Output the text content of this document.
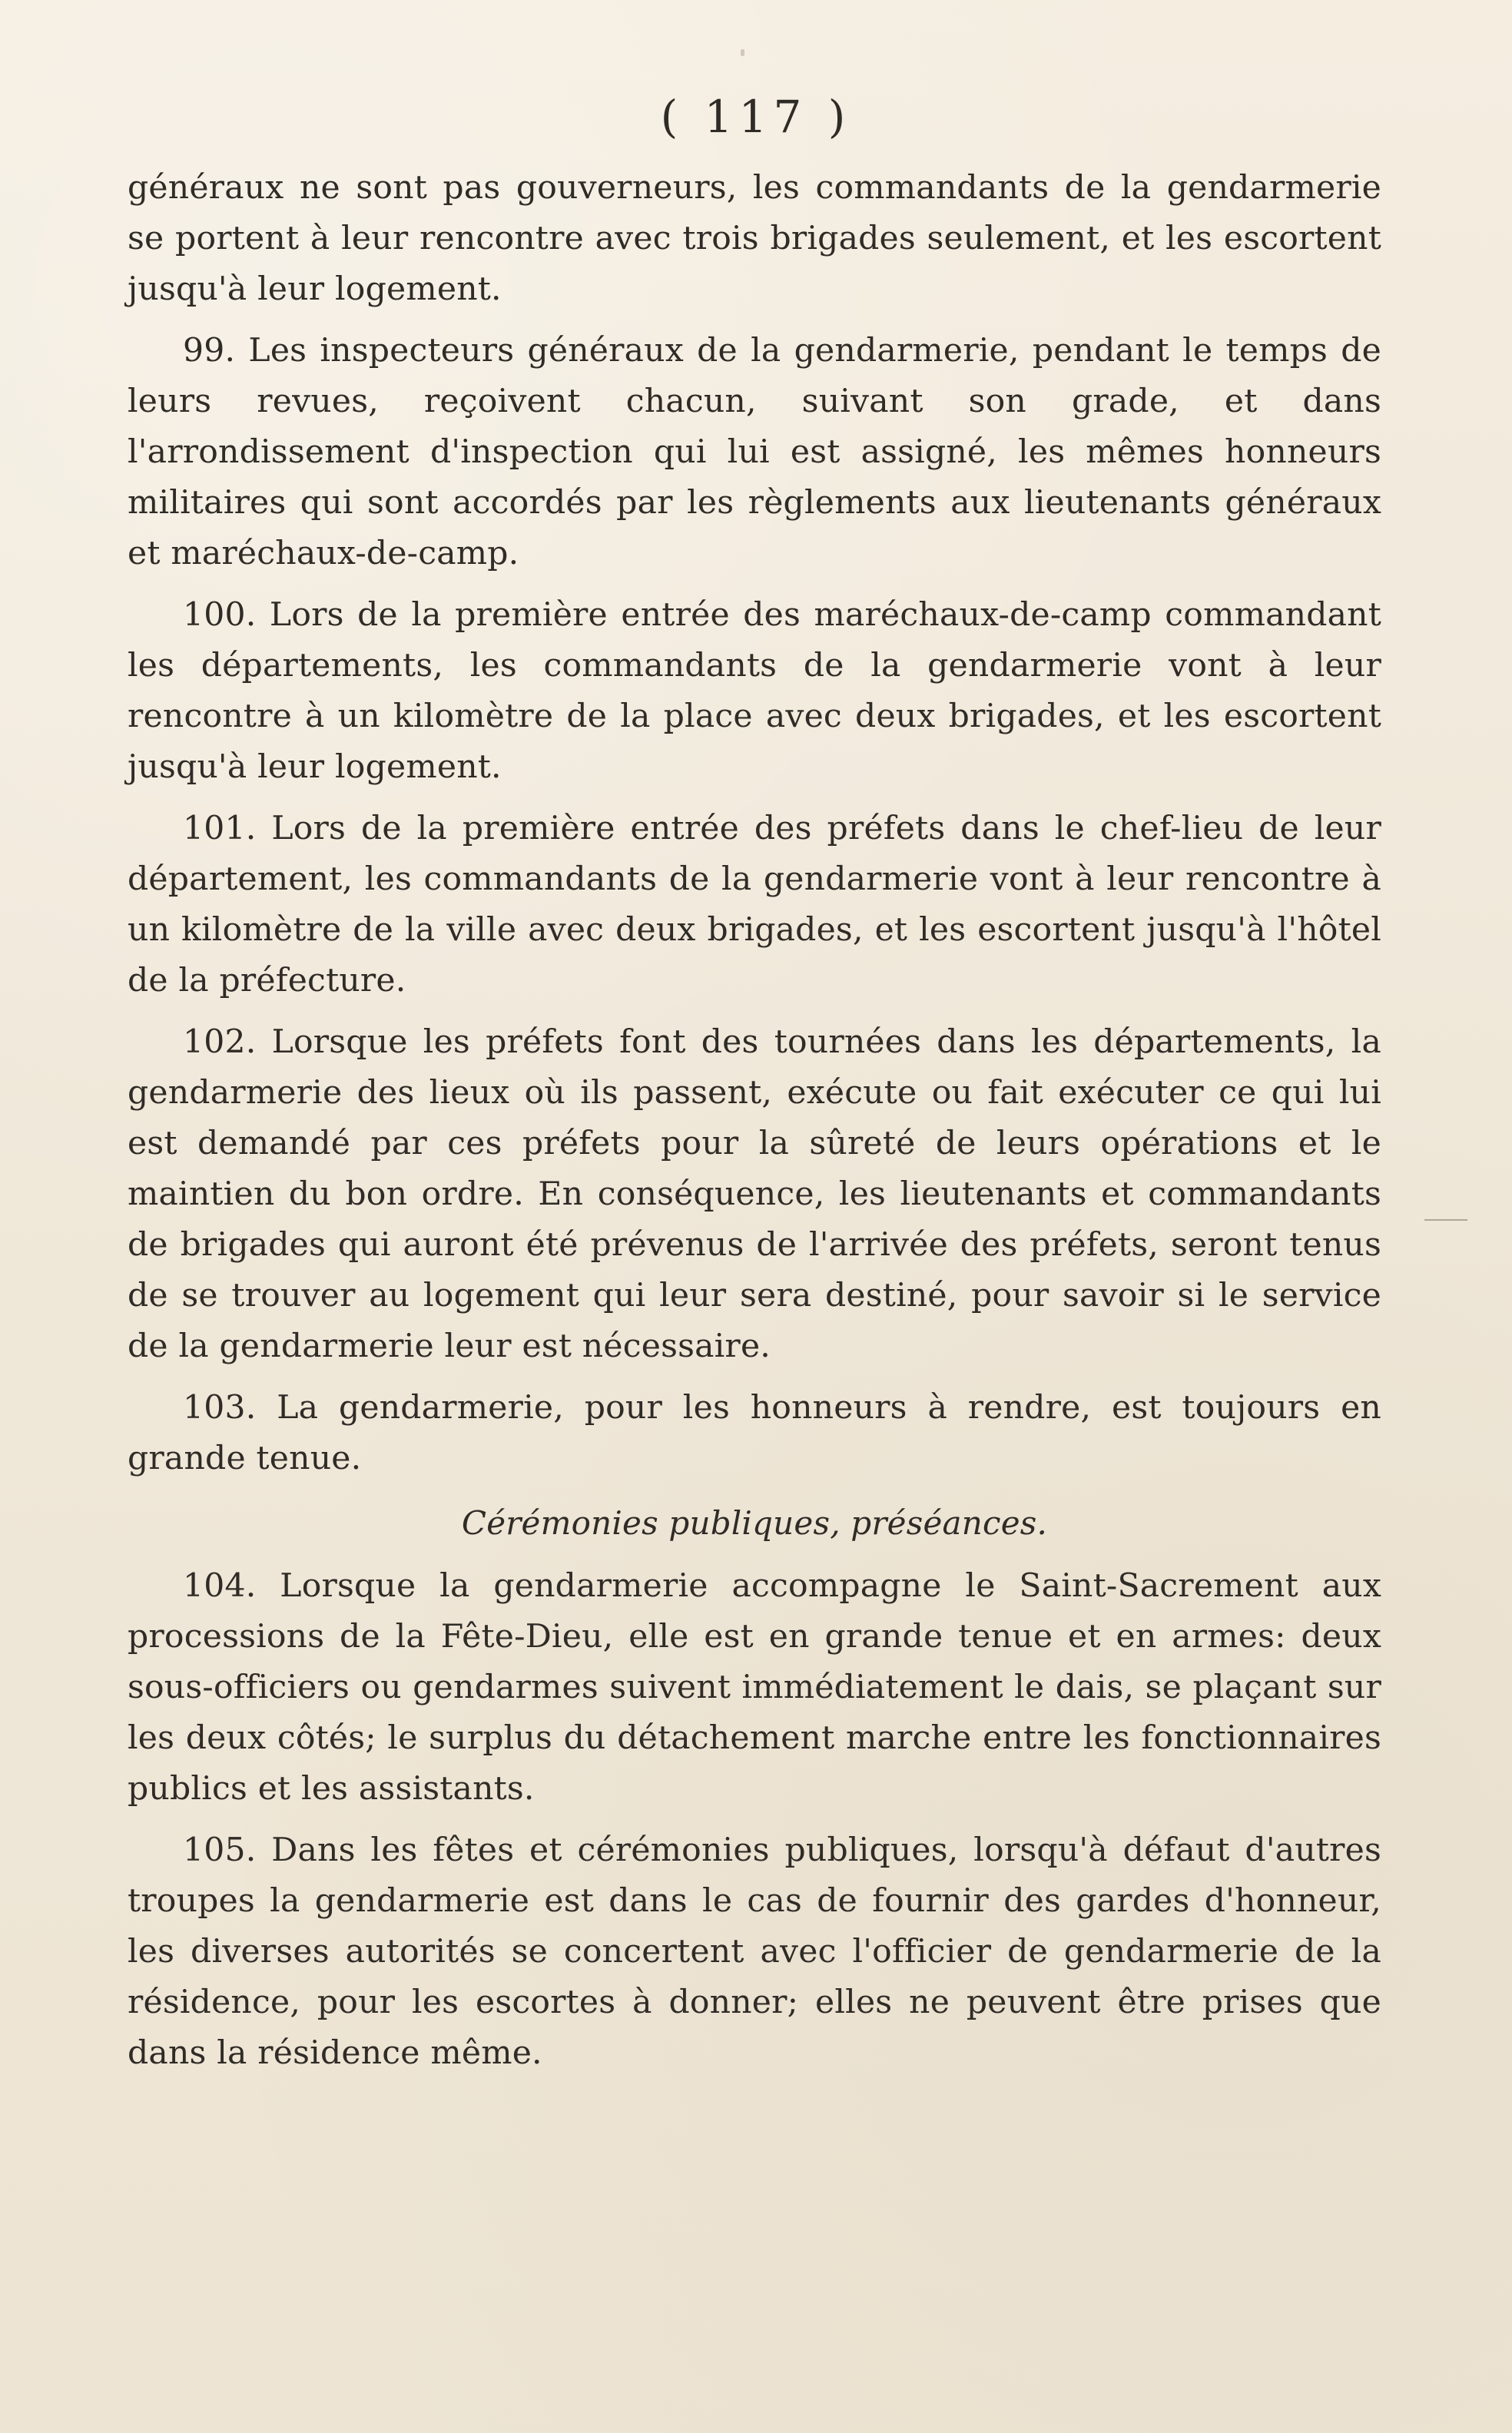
( 117 )

généraux ne sont pas gouverneurs, les commandants de la gendarmerie se portent à leur rencontre avec trois brigades seulement, et les escortent jusqu'à leur logement.

99. Les inspecteurs généraux de la gendarmerie, pendant le temps de leurs revues, reçoivent chacun, suivant son grade, et dans l'arrondissement d'inspection qui lui est assigné, les mêmes honneurs militaires qui sont accordés par les règlements aux lieutenants généraux et maréchaux-de-camp.

100. Lors de la première entrée des maréchaux-de-camp commandant les départements, les commandants de la gendarmerie vont à leur rencontre à un kilomètre de la place avec deux brigades, et les escortent jusqu'à leur logement.

101. Lors de la première entrée des préfets dans le chef-lieu de leur département, les commandants de la gendarmerie vont à leur rencontre à un kilomètre de la ville avec deux brigades, et les escortent jusqu'à l'hôtel de la préfecture.

102. Lorsque les préfets font des tournées dans les départements, la gendarmerie des lieux où ils passent, exécute ou fait exécuter ce qui lui est demandé par ces préfets pour la sûreté de leurs opérations et le maintien du bon ordre. En conséquence, les lieutenants et commandants de brigades qui auront été prévenus de l'arrivée des préfets, seront tenus de se trouver au logement qui leur sera destiné, pour savoir si le service de la gendarmerie leur est nécessaire.

103. La gendarmerie, pour les honneurs à rendre, est toujours en grande tenue.

Cérémonies publiques, préséances.

104. Lorsque la gendarmerie accompagne le Saint-Sacrement aux processions de la Fête-Dieu, elle est en grande tenue et en armes: deux sous-officiers ou gendarmes suivent immédiatement le dais, se plaçant sur les deux côtés; le surplus du détachement marche entre les fonctionnaires publics et les assistants.

105. Dans les fêtes et cérémonies publiques, lorsqu'à défaut d'autres troupes la gendarmerie est dans le cas de fournir des gardes d'honneur, les diverses autorités se concertent avec l'officier de gendarmerie de la résidence, pour les escortes à donner; elles ne peuvent être prises que dans la résidence même.
